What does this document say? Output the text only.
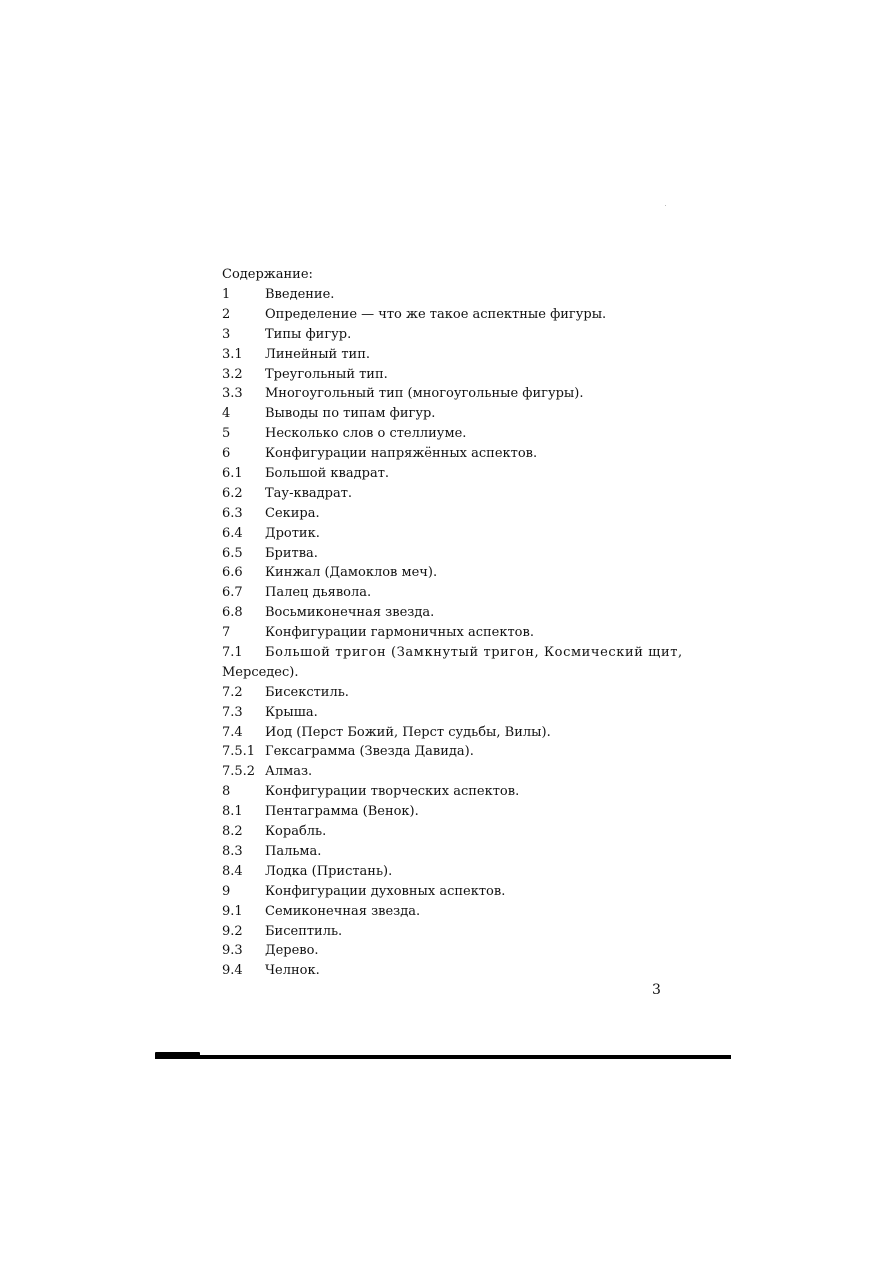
Содержание:
1	Введение.
2	Определение — что же такое аспектные фигуры.
3	Типы фигур.
3.1	Линейный тип.
3.2	Треугольный тип.
3.3	Многоугольный тип (многоугольные фигуры).
4	Выводы по типам фигур.
5	Несколько слов о стеллиуме.
6	Конфигурации напряжённых аспектов.
6.1	Большой квадрат.
6.2	Тау-квадрат.
6.3	Секира.
6.4	Дротик.
6.5	Бритва.
6.6	Кинжал (Дамоклов меч).
6.7	Палец дьявола.
6.8	Восьмиконечная звезда.
7	Конфигурации гармоничных аспектов.
7.1	Большой тригон (Замкнутый тригон, Космический щит,
Мерседес).
7.2	Бисекстиль.
7.3	Крыша.
7.4	Иод (Перст Божий, Перст судьбы, Вилы).
7.5.1 Гексаграмма (Звезда Давида).
7.5.2 Алмаз.
8	Конфигурации творческих аспектов.
8.1	Пентаграмма (Венок).
8.2	Корабль.
8.3	Пальма.
8.4	Лодка (Пристань).
9	Конфигурации духовных аспектов.
9.1	Семиконечная звезда.
9.2	Бисептиль.
9.3	Дерево.
9.4	Челнок.
3
